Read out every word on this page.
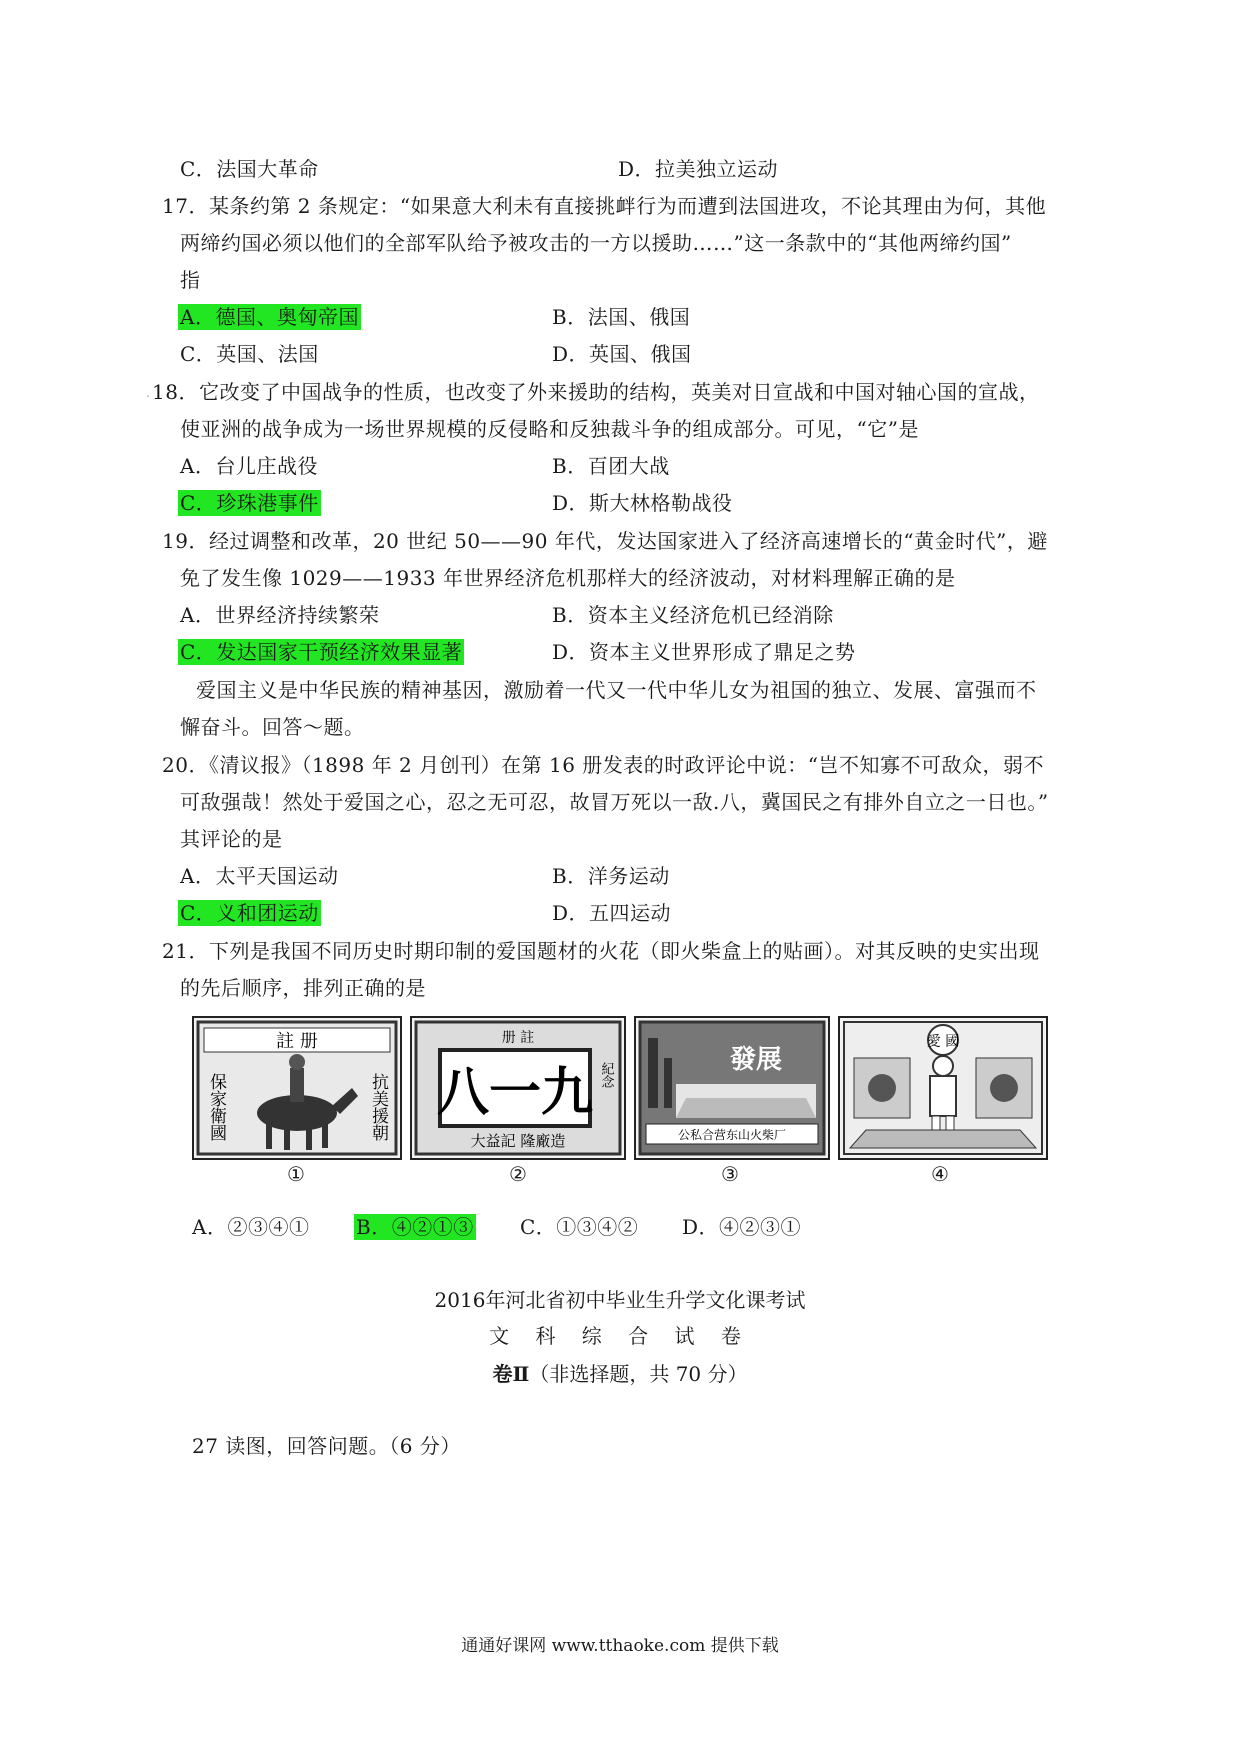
C．法国大革命	D．拉美独立运动
17．某条约第 2 条规定：“如果意大利未有直接挑衅行为而遭到法国进攻，不论其理由为何，其他
两缔约国必须以他们的全部军队给予被攻击的一方以援助……”这一条款中的“其他两缔约国”
指
A．德国、奥匈帝国	B．法国、俄国
C．英国、法国	D．英国、俄国
. 18．它改变了中国战争的性质，也改变了外来援助的结构，英美对日宣战和中国对轴心国的宣战，
使亚洲的战争成为一场世界规模的反侵略和反独裁斗争的组成部分。可见，“它”是
A．台儿庄战役	B．百团大战
C．珍珠港事件	D．斯大林格勒战役
19．经过调整和改革，20 世纪 50——90 年代，发达国家进入了经济高速增长的“黄金时代”，避
免了发生像 1029——1933 年世界经济危机那样大的经济波动，对材料理解正确的是
A．世界经济持续繁荣	B．资本主义经济危机已经消除
C．发达国家干预经济效果显著	D．资本主义世界形成了鼎足之势
爱国主义是中华民族的精神基因，激励着一代又一代中华儿女为祖国的独立、发展、富强而不
懈奋斗。回答～题。
20．《清议报》（1898 年 2 月创刊）在第 16 册发表的时政评论中说：“岂不知寡不可敌众，弱不
可敌强哉！然处于爱国之心，忍之无可忍，故冒万死以一敌.八，冀国民之有排外自立之一日也。”
其评论的是
A．太平天国运动	B．洋务运动
C．义和团运动	D．五四运动
21．下列是我国不同历史时期印制的爱国题材的火花（即火柴盒上的贴画）。对其反映的史实出现
的先后顺序，排列正确的是
註 册
保家衛國	抗美援朝
①
册 註
八一九 紀念
大益記 隆廠造
②
發展
公私合营东山火柴厂
③
愛 國
④
A．②③④① B．④②①③ C．①③④② D．④②③①
2016年河北省初中毕业生升学文化课考试
文 科 综 合 试 卷
卷Ⅱ（非选择题，共 70 分）
27 读图，回答问题。（6 分）
通通好课网 www.tthaoke.com 提供下载
